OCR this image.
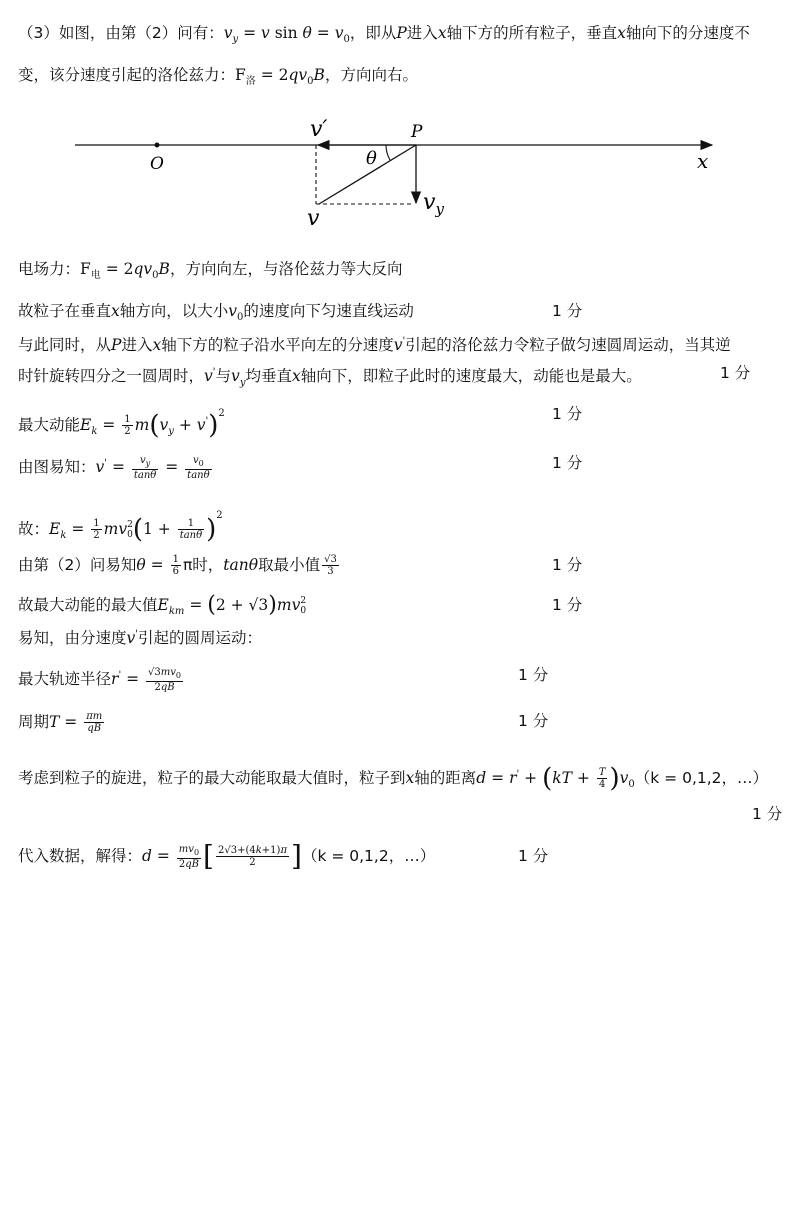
（3）如图，由第（2）问有：$v_y = v$ $\sin \theta = v_0$，即从P进入x轴下方的所有粒子，垂直x轴向下的分速度不
变，该分速度引起的洛伦兹力：$F_洛 = 2qv_0B$，方向向右。
v′	P
O	θ	x
v
$v_y$
电场力：$F_电 = 2qv_0B$，方向向左，与洛伦兹力等大反向
故粒子在垂直x轴方向，以大小$v_0$的速度向下匀速直线运动	1 分
与此同时，从P进入x轴下方的粒子沿水平向左的分速度v'引起的洛伦兹力令粒子做匀速圆周运动，当其逆
时针旋转四分之一圆周时，v'与$v_y$均垂直x轴向下，即粒子此时的速度最大，动能也是最大。	1 分
最大动能$E_k = \frac{1}{2} m(v_y + v')^2$	1 分
由图易知：$v' = \frac{v_y}{\tan\theta} = \frac{v_0}{\tan\theta}$	1 分
故：$E_k = \frac{1}{2} mv2$
$0(1 + \frac{1}{\tan\theta} )^2$
由第（2）问易知$\theta = \frac{1}{6}$ π时，tanθ取最小值 $\frac{√3}{3}$	1 分
故最大动能的最大值$E_{km} = (2 + √3)mv2$
0	1 分
易知，由分速度v'引起的圆周运动：
最大轨迹半径$r' = \frac{√3mv_0}{2qB}$	1 分
周期$T = \frac{\pi m}{qB}$	1 分
考虑到粒子的旋进，粒子的最大动能取最大值时，粒子到x轴的距离$d = r' + (kT + \frac{T}{4} )v_0(k = 0,1,2$，…）
1 分
代入数据，解得：$d = \frac{mv_0}{2qB}$ [ $\frac{2√3+(4k+1)\pi}{2} ](k = 0,1,2$，…）	1 分
